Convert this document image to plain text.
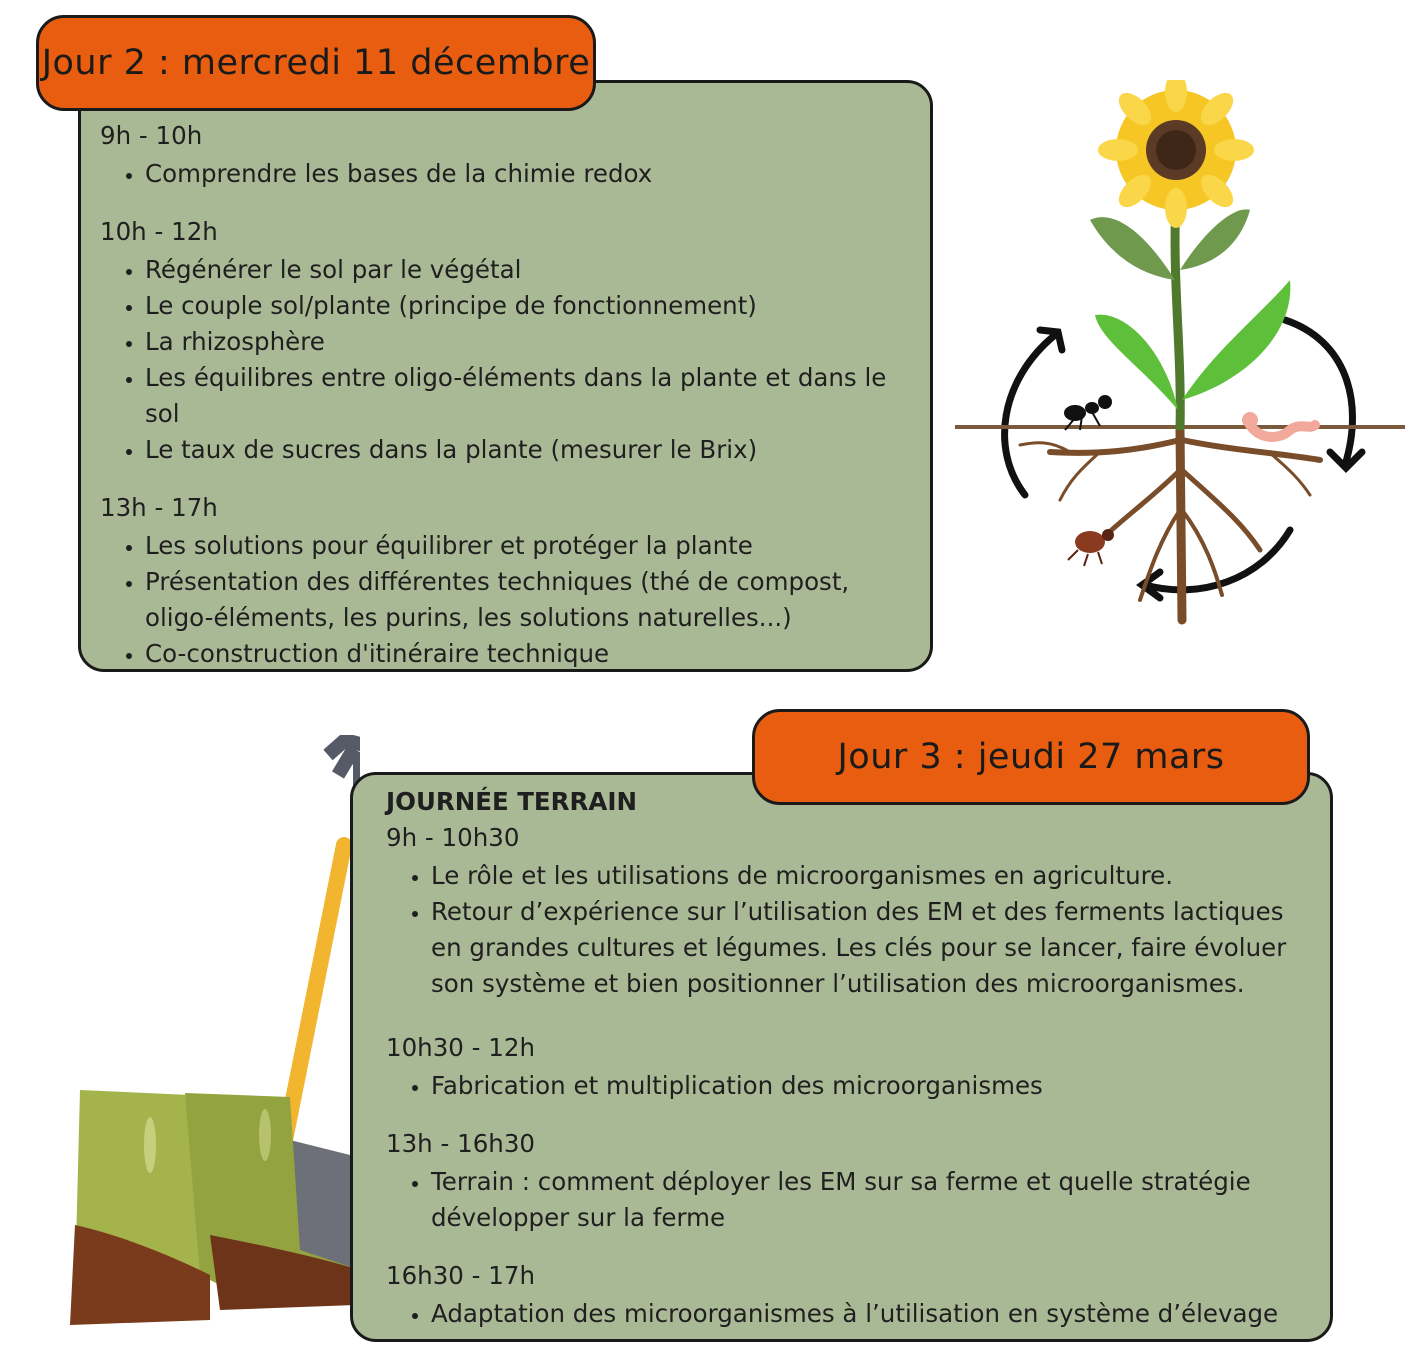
Jour 2 : mercredi 11 décembre

9h - 10h

• Comprendre les bases de la chimie redox

10h - 12h

• Régénérer le sol par le végétal
• Le couple sol/plante (principe de fonctionnement)
• La rhizosphère
• Les équilibres entre oligo-éléments dans la plante et dans le sol
• Le taux de sucres dans la plante (mesurer le Brix)

13h - 17h

• Les solutions pour équilibrer et protéger la plante
• Présentation des différentes techniques (thé de compost, oligo-éléments, les purins, les solutions naturelles...)
• Co-construction d'itinéraire technique
Jour 3 : jeudi 27 mars

JOURNÉE TERRAIN

9h - 10h30

• Le rôle et les utilisations de microorganismes en agriculture.
• Retour d’expérience sur l’utilisation des EM et des ferments lactiques en grandes cultures et légumes. Les clés pour se lancer, faire évoluer son système et bien positionner l’utilisation des microorganismes.

10h30 - 12h

• Fabrication et multiplication des microorganismes

13h - 16h30

• Terrain : comment déployer les EM sur sa ferme et quelle stratégie développer sur la ferme

16h30 - 17h

• Adaptation des microorganismes à l’utilisation en système d’élevage
